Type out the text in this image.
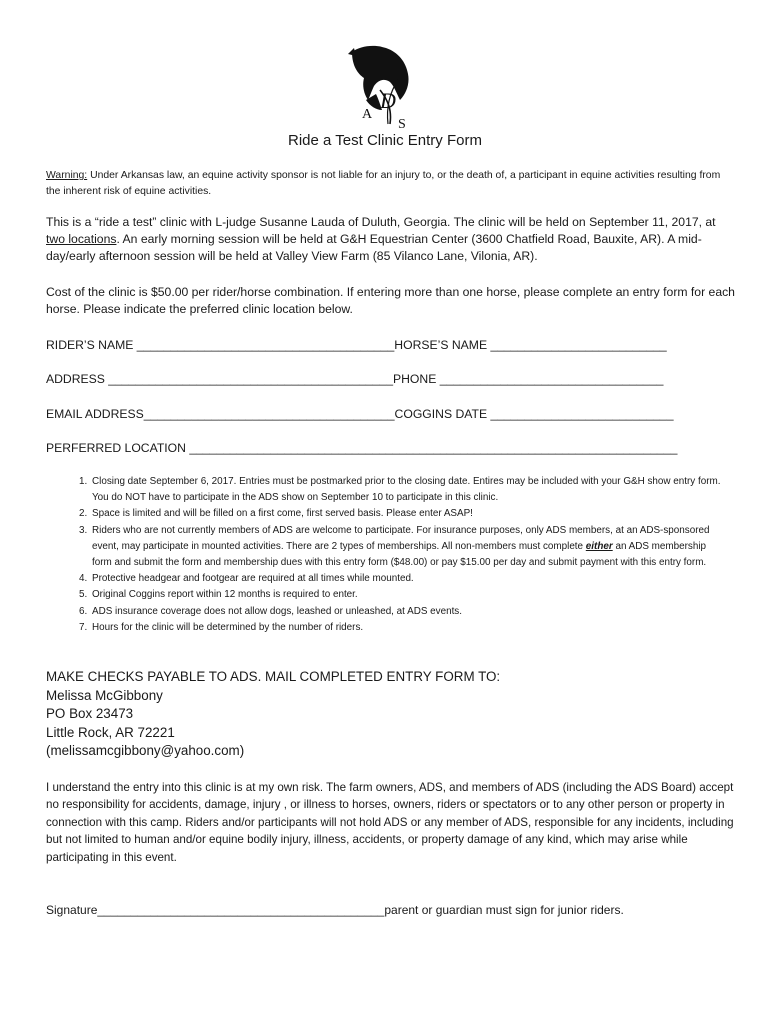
A
D
S
Ride a Test Clinic Entry Form
Warning: Under Arkansas law, an equine activity sponsor is not liable for an injury to, or the death of, a participant in equine activities resulting from the inherent risk of equine activities.
This is a “ride a test” clinic with L-judge Susanne Lauda of Duluth, Georgia. The clinic will be held on September 11, 2017, at two locations. An early morning session will be held at G&H Equestrian Center (3600 Chatfield Road, Bauxite, AR). A mid-day/early afternoon session will be held at Valley View Farm (85 Vilanco Lane, Vilonia, AR).
Cost of the clinic is $50.00 per rider/horse combination. If entering more than one horse, please complete an entry form for each horse. Please indicate the preferred clinic location below.
RIDER’S NAME ______________________________________HORSE’S NAME __________________________
ADDRESS __________________________________________PHONE _________________________________
EMAIL ADDRESS_____________________________________COGGINS DATE ___________________________
PERFERRED LOCATION ________________________________________________________________________
1. Closing date September 6, 2017. Entries must be postmarked prior to the closing date. Entires may be included with your G&H show entry form. You do NOT have to participate in the ADS show on September 10 to participate in this clinic.
2. Space is limited and will be filled on a first come, first served basis. Please enter ASAP!
3. Riders who are not currently members of ADS are welcome to participate. For insurance purposes, only ADS members, at an ADS-sponsored event, may participate in mounted activities. There are 2 types of memberships. All non-members must complete either an ADS membership form and submit the form and membership dues with this entry form ($48.00) or pay $15.00 per day and submit payment with this entry form.
4. Protective headgear and footgear are required at all times while mounted.
5. Original Coggins report within 12 months is required to enter.
6. ADS insurance coverage does not allow dogs, leashed or unleashed, at ADS events.
7. Hours for the clinic will be determined by the number of riders.
MAKE CHECKS PAYABLE TO ADS. MAIL COMPLETED ENTRY FORM TO:
Melissa McGibbony
PO Box 23473
Little Rock, AR 72221
(melissamcgibbony@yahoo.com)
I understand the entry into this clinic is at my own risk. The farm owners, ADS, and members of ADS (including the ADS Board) accept no responsibility for accidents, damage, injury , or illness to horses, owners, riders or spectators or to any other person or property in connection with this camp. Riders and/or participants will not hold ADS or any member of ADS, responsible for any incidents, including but not limited to human and/or equine bodily injury, illness, accidents, or property damage of any kind, which may arise while participating in this event.
Signature___________________________________________parent or guardian must sign for junior riders.
